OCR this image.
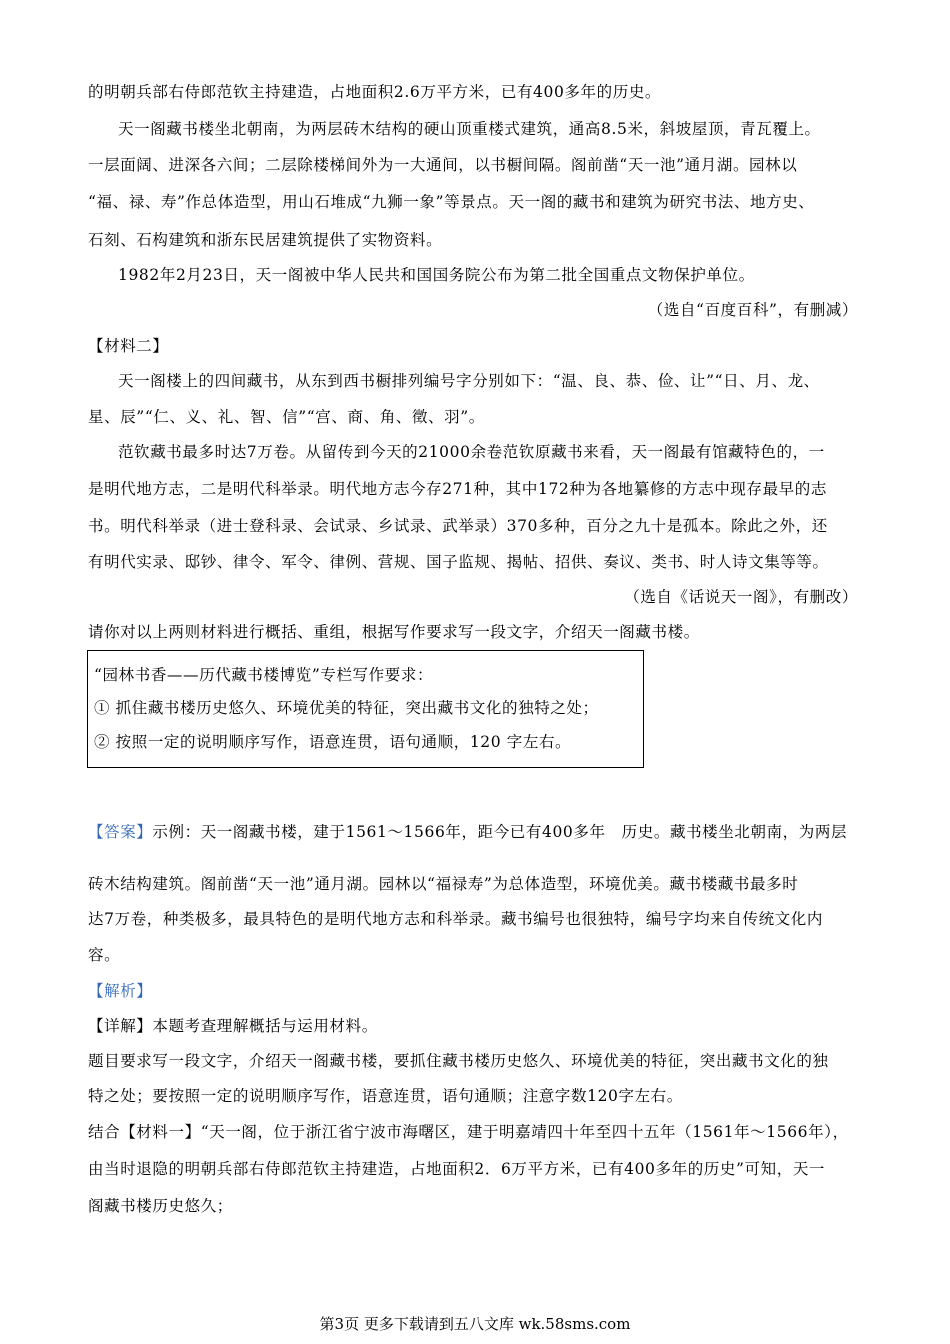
的明朝兵部右侍郎范钦主持建造，占地面积2.6万平方米，已有400多年的历史。
天一阁藏书楼坐北朝南，为两层砖木结构的硬山顶重楼式建筑，通高8.5米，斜坡屋顶，青瓦覆上。
一层面阔、进深各六间；二层除楼梯间外为一大通间，以书橱间隔。阁前凿“天一池”通月湖。园林以
“福、禄、寿”作总体造型，用山石堆成“九狮一象”等景点。天一阁的藏书和建筑为研究书法、地方史、
石刻、石构建筑和浙东民居建筑提供了实物资料。
1982年2月23日，天一阁被中华人民共和国国务院公布为第二批全国重点文物保护单位。
（选自“百度百科”，有删减）
【材料二】
天一阁楼上的四间藏书，从东到西书橱排列编号字分别如下：“温、良、恭、俭、让”“日、月、龙、
星、辰”“仁、义、礼、智、信”“宫、商、角、徵、羽”。
范钦藏书最多时达7万卷。从留传到今天的21000余卷范钦原藏书来看，天一阁最有馆藏特色的，一
是明代地方志，二是明代科举录。明代地方志今存271种，其中172种为各地纂修的方志中现存最早的志
书。明代科举录（进士登科录、会试录、乡试录、武举录）370多种，百分之九十是孤本。除此之外，还
有明代实录、邸钞、律令、军令、律例、营规、国子监规、揭帖、招供、奏议、类书、时人诗文集等等。
（选自《话说天一阁》，有删改）
请你对以上两则材料进行概括、重组，根据写作要求写一段文字，介绍天一阁藏书楼。
“园林书香——历代藏书楼博览”专栏写作要求：
① 抓住藏书楼历史悠久、环境优美的特征，突出藏书文化的独特之处；
② 按照一定的说明顺序写作，语意连贯，语句通顺，120 字左右。
【答案】示例：天一阁藏书楼，建于1561～1566年，距今已有400多年　历史。藏书楼坐北朝南，为两层
砖木结构建筑。阁前凿“天一池”通月湖。园林以“福禄寿”为总体造型，环境优美。藏书楼藏书最多时
达7万卷，种类极多，最具特色的是明代地方志和科举录。藏书编号也很独特，编号字均来自传统文化内
容。
【解析】
【详解】本题考查理解概括与运用材料。
题目要求写一段文字，介绍天一阁藏书楼，要抓住藏书楼历史悠久、环境优美的特征，突出藏书文化的独
特之处；要按照一定的说明顺序写作，语意连贯，语句通顺；注意字数120字左右。
结合【材料一】“天一阁，位于浙江省宁波市海曙区，建于明嘉靖四十年至四十五年（1561年～1566年），
由当时退隐的明朝兵部右侍郎范钦主持建造，占地面积2．6万平方米，已有400多年的历史”可知，天一
阁藏书楼历史悠久；
第3页 更多下载请到五八文库 wk.58sms.com
